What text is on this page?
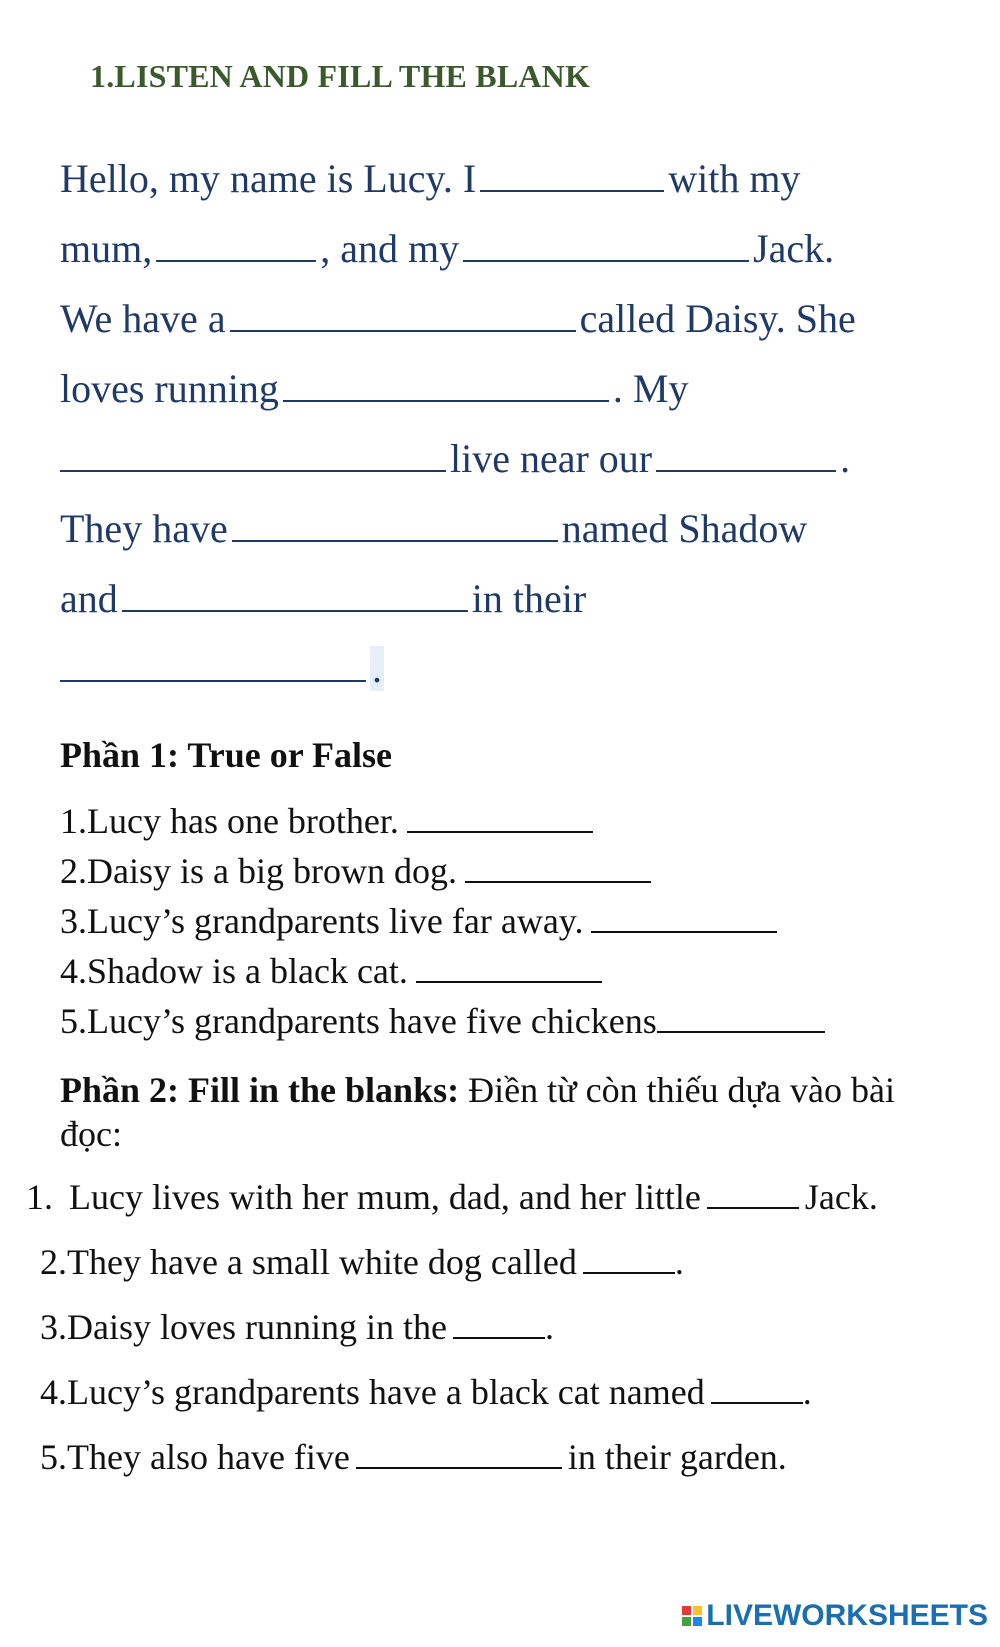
1.LISTEN AND FILL THE BLANK
Hello, my name is Lucy. I	with my
mum,	, and my	Jack.
We have a	called Daisy. She
loves running	. My
live near our	.
They have	named Shadow
and	in their
.
Phần 1: True or False
1.Lucy has one brother.
2.Daisy is a big brown dog.
3.Lucy’s grandparents live far away.
4.Shadow is a black cat.
5.Lucy’s grandparents have five chickens
Phần 2: Fill in the blanks: Điền từ còn thiếu dựa vào bài đọc:
1. Lucy lives with her mum, dad, and her little	Jack.
2.They have a small white dog called	.
3.Daisy loves running in the	.
4.Lucy’s grandparents have a black cat named	.
5.They also have five	in their garden.
LIVEWORKSHEETS
